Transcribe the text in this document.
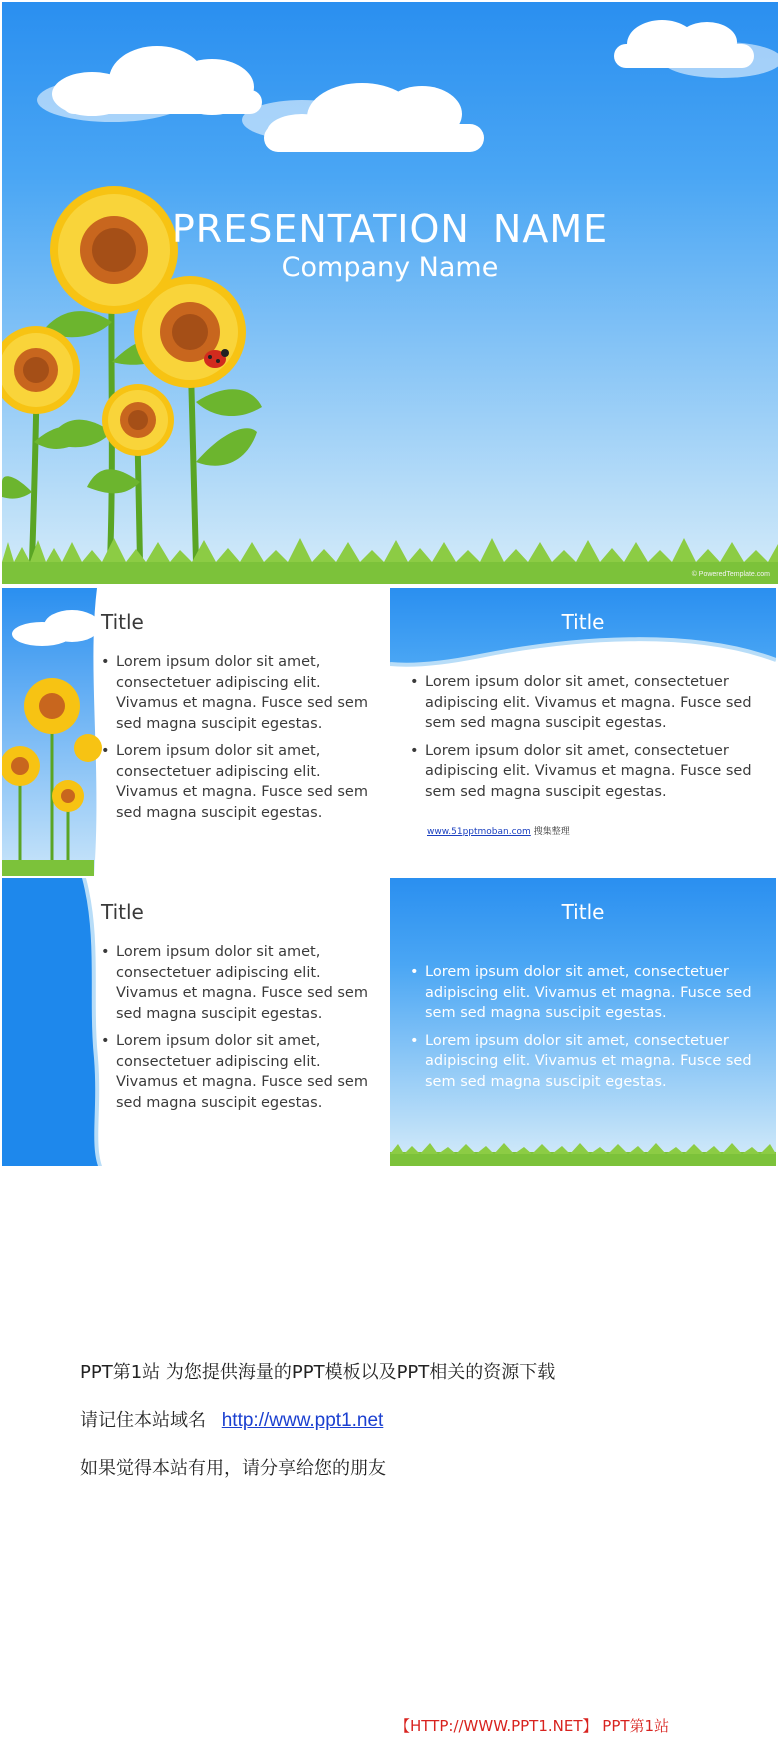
PRESENTATION NAME
Company Name
© PoweredTemplate.com
Title
• Lorem ipsum dolor sit amet, consectetuer adipiscing elit. Vivamus et magna. Fusce sed sem sed magna suscipit egestas.
• Lorem ipsum dolor sit amet, consectetuer adipiscing elit. Vivamus et magna. Fusce sed sem sed magna suscipit egestas.
Title
• Lorem ipsum dolor sit amet, consectetuer adipiscing elit. Vivamus et magna. Fusce sed sem sed magna suscipit egestas.
• Lorem ipsum dolor sit amet, consectetuer adipiscing elit. Vivamus et magna. Fusce sed sem sed magna suscipit egestas.
www.51pptmoban.com 搜集整理
Title
• Lorem ipsum dolor sit amet, consectetuer adipiscing elit. Vivamus et magna. Fusce sed sem sed magna suscipit egestas.
• Lorem ipsum dolor sit amet, consectetuer adipiscing elit. Vivamus et magna. Fusce sed sem sed magna suscipit egestas.
Title
• Lorem ipsum dolor sit amet, consectetuer adipiscing elit. Vivamus et magna. Fusce sed sem sed magna suscipit egestas.
• Lorem ipsum dolor sit amet, consectetuer adipiscing elit. Vivamus et magna. Fusce sed sem sed magna suscipit egestas.
PPT第1站 为您提供海量的PPT模板以及PPT相关的资源下载
请记住本站域名 http://www.ppt1.net
如果觉得本站有用，请分享给您的朋友
【HTTP://WWW.PPT1.NET】 PPT第1站
